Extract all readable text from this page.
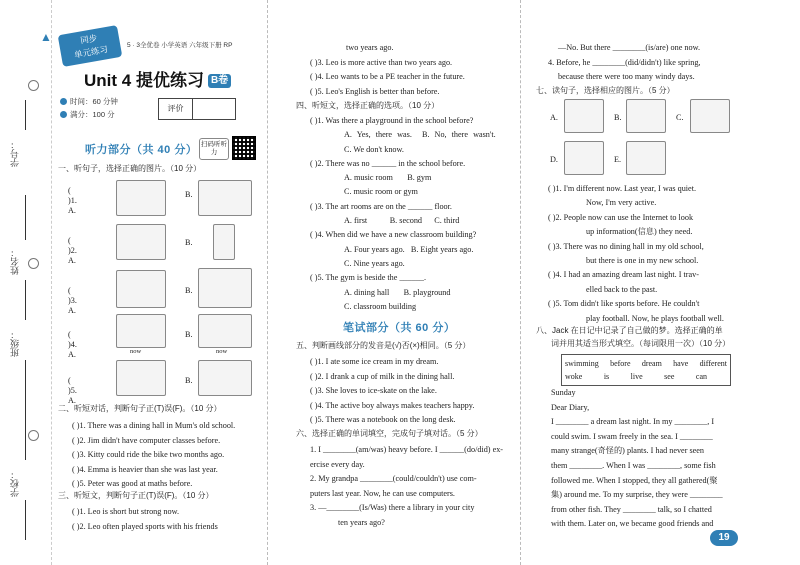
学号：
姓名：
班级：
学校：
▲	同步
单元练习	5 · 3全优卷 小学英语 六年级下册 RP
Unit 4 提优练习 B卷
时间：60 分钟
满分：100 分
评价
扫码听听力
听力部分（共 40 分）
一、听句子，选择正确的图片。（10 分）
( )1. A.
B.
( )2. A.
B.
( )3. A.
B.
( )4. A.	now
B.
now
( )5. A.
B.
二、听短对话，判断句子正(T)误(F)。（10 分）
( )1. There was a dining hall in Mum's old school.
( )2. Jim didn't have computer classes before.
( )3. Kitty could ride the bike two months ago.
( )4. Emma is heavier than she was last year.
( )5. Peter was good at maths before.
三、听短文，判断句子正(T)误(F)。（10 分）
( )1. Leo is short but strong now.
( )2. Leo often played sports with his friends
two years ago.
( )3. Leo is more active than two years ago.
( )4. Leo wants to be a PE teacher in the future.
( )5. Leo's English is better than before.
四、听短文，选择正确的选项。（10 分）
( )1. Was there a playground in the school before?
A. Yes, there was. B. No, there wasn't.
C. We don't know.
( )2. There was no ______ in the school before.
A. music room B. gym
C. music room or gym
( )3. The art rooms are on the ______ floor.
A. first	B. second C. third
( )4. When did we have a new classroom building?
A. Four years ago. B. Eight years ago.
C. Nine years ago.
( )5. The gym is beside the ______.
A. dining hall B. playground
C. classroom building
笔试部分（共 60 分）
五、判断画线部分的发音是(√)否(×)相同。（5 分）
( )1. I ate some ice cream in my dream.
( )2. I drank a cup of milk in the dining hall.
( )3. She loves to ice-skate on the lake.
( )4. The active boy always makes teachers happy.
( )5. There was a notebook on the long desk.
六、选择正确的单词填空，完成句子填对话。（5 分）
1. I ________(am/was) heavy before. I ______(do/did) ex-
ercise every day.
2. My grandpa ________(could/couldn't) use com-
puters last year. Now, he can use computers.
3. —________(Is/Was) there a library in your city
ten years ago?
—No. But there ________(is/are) one now.
4. Before, he ________(did/didn't) like spring,
because there were too many windy days.
七、读句子，选择相应的图片。（5 分）
A.	B.	C.
D.	E.
( )1. I'm different now. Last year, I was quiet.
Now, I'm very active.
( )2. People now can use the Internet to look
up information(信息) they need.
( )3. There was no dining hall in my old school,
but there is one in my new school.
( )4. I had an amazing dream last night. I trav-
elled back to the past.
( )5. Tom didn't like sports before. He couldn't
play football. Now, he plays football well.
八、Jack 在日记中记录了自己做的梦。选择正确的单
词并用其适当形式填空。（每词限用一次）（10 分）
swimming before dream have different
woke	is	live	see	can
Sunday
Dear Diary,
I ________ a dream last night. In my ________, I
could swim. I swam freely in the sea. I ________
many strange(奇怪的) plants. I had never seen
them ________. When I was ________, some fish
followed me. When I stopped, they all gathered(聚
集) around me. To my surprise, they were ________
from other fish. They ________ talk, so I chatted
with them. Later on, we became good friends and
19
